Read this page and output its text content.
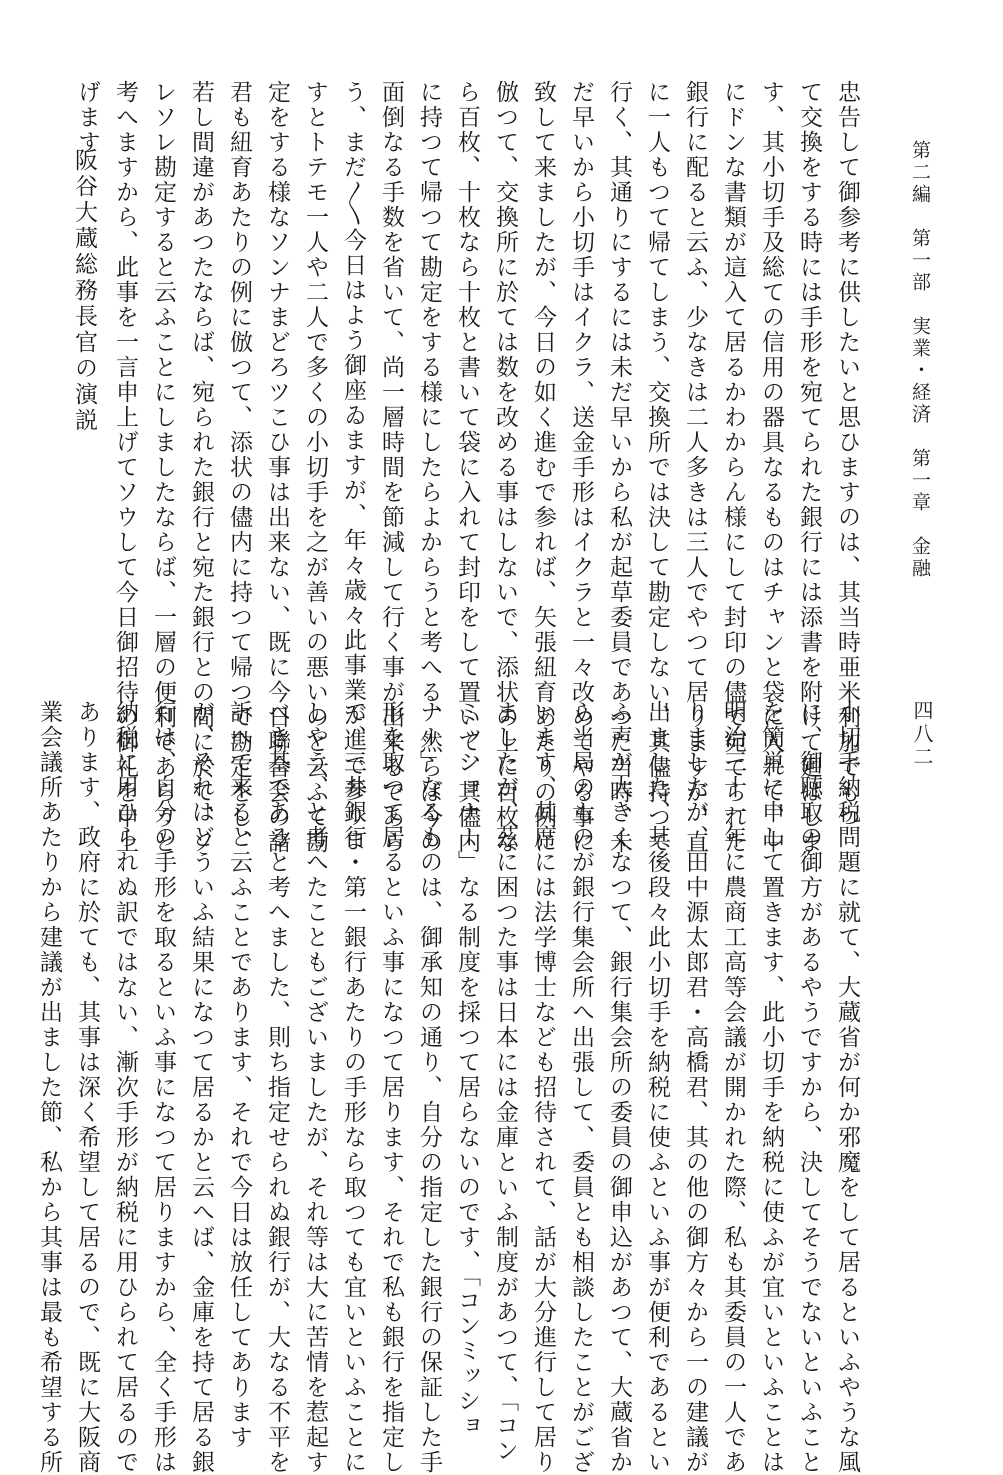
第二編　第一部　実業・経済　第一章　金融
四八二

忠告して御参考に供したいと思ひますのは、其当時亜米利加でもつ

て交換をする時には手形を宛てられた銀行には添書を附けて廻はしま

す、其小切手及総ての信用の器具なるものはチャンと袋に入れて、中

にドンな書類が這入て居るかわからん様にして封印の儘で宛てられた

銀行に配ると云ふ、少なきは二人多きは三人でやつて居りますが、直

に一人もつて帰てしまう、交換所では決して勘定しない、其儘持つて

行く、其通りにするには未だ早いから私が起草委員であつた当時、未

だ早いから小切手はイクラ、送金手形はイクラと一々改めてやる事に

致して来ましたが、今日の如く進むで参れば、矢張紐育あたりの例に

倣つて、交換所に於ては数を改める事はしないで、添状の上に百枚な

ら百枚、十枚なら十枚と書いて袋に入れて封印をして置いて、其儘内

に持つて帰つて勘定をする様にしたらよからうと考へる、然らば今の

面倒なる手数を省いて、尚一層時間を節減して行く事が出来るであら

う、まだ〱今日はよう御座ゐますが、年々歳々此事業が進で参りま

すとトテモ一人や二人で多くの小切手を之が善いの悪いのと云ふて勘

定をする様なソンナまどろツこひ事は出来ない、既に今日聯合会の諸

君も紐育あたりの例に倣つて、添状の儘内に持つて帰つて勘定をし、

若し間違があつたならば、宛られた銀行と宛た銀行との間に於て、ソ

レソレ勘定すると云ふことにしましたならば、一層の便利であらうと

考へますから、此事を一言申上げてソウして今日御招待の御礼を申上

げます

阪谷大蔵総務長官の演説

小切手納税問題に就て、大蔵省が何か邪魔をして居るといふやうな風

に、御聴取の御方があるやうですから、決してそうでないといふこと

を簡単に申して置きます、此小切手を納税に使ふが宜いといふことは

明治三十一年に農商工高等会議が開かれた際、私も其委員の一人であ

りましたが、田中源太郎君・高橋君、其の他の御方々から一の建議が

出ました、其後段々此小切手を納税に使ふといふ事が便利であるとい

ふ声が大きくなつて、銀行集会所の委員の御申込があつて、大蔵省か

ら当局のものが銀行集会所へ出張して、委員とも相談したことがござ

います、其席には法学博士なども招待されて、話が大分進行して居り

ましたが、茲に困つた事は日本には金庫といふ制度があつて、「コン

ミッショナー」なる制度を採つて居らないのです、「コンミッショ

ナー」なるものは、御承知の通り、自分の指定した銀行の保証した手

形を取つて居るといふ事になつて居ります、それで私も銀行を指定し

て、三井銀行・第一銀行あたりの手形なら取つても宜いといふことに

しやう、と考へたこともございましたが、それ等は大に苦情を惹起す

べき基であると考へました、則ち指定せられぬ銀行が、大なる不平を

訴へて来ると云ふことであります、それで今日は放任してあります

が、それはどういふ結果になつて居るかと云へば、金庫を持て居る銀

行は、自分の手形を取るといふ事になつて居りますから、全く手形は

納税に用ひられぬ訳ではない、漸次手形が納税に用ひられて居るので

あります、政府に於ても、其事は深く希望して居るので、既に大阪商

業会議所あたりから建議が出ました節、私から其事は最も希望する所
